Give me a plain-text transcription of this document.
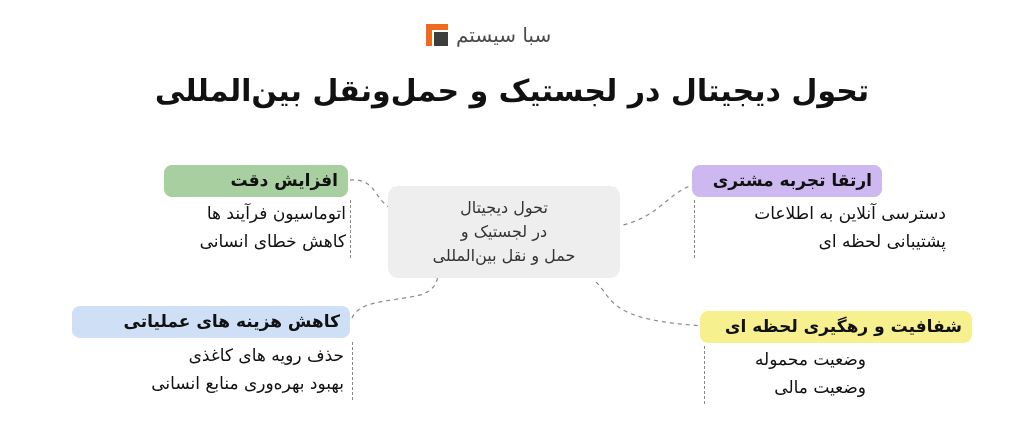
سبا سیستم
تحول دیجیتال در لجستیک و حمل‌ونقل بین‌المللی
تحول دیجیتال
در لجستیک و
حمل و نقل بین‌المللی
افزایش دقت
اتوماسیون فرآیند ها
کاهش خطای انسانی
کاهش هزینه های عملیاتی
حذف رویه های کاغذی
بهبود بهره‌وری منابع انسانی
ارتقا تجربه مشتری
دسترسی آنلاین به اطلاعات
پشتیبانی لحظه ای
شفافیت و رهگیری لحظه ای
وضعیت محموله
وضعیت مالی
